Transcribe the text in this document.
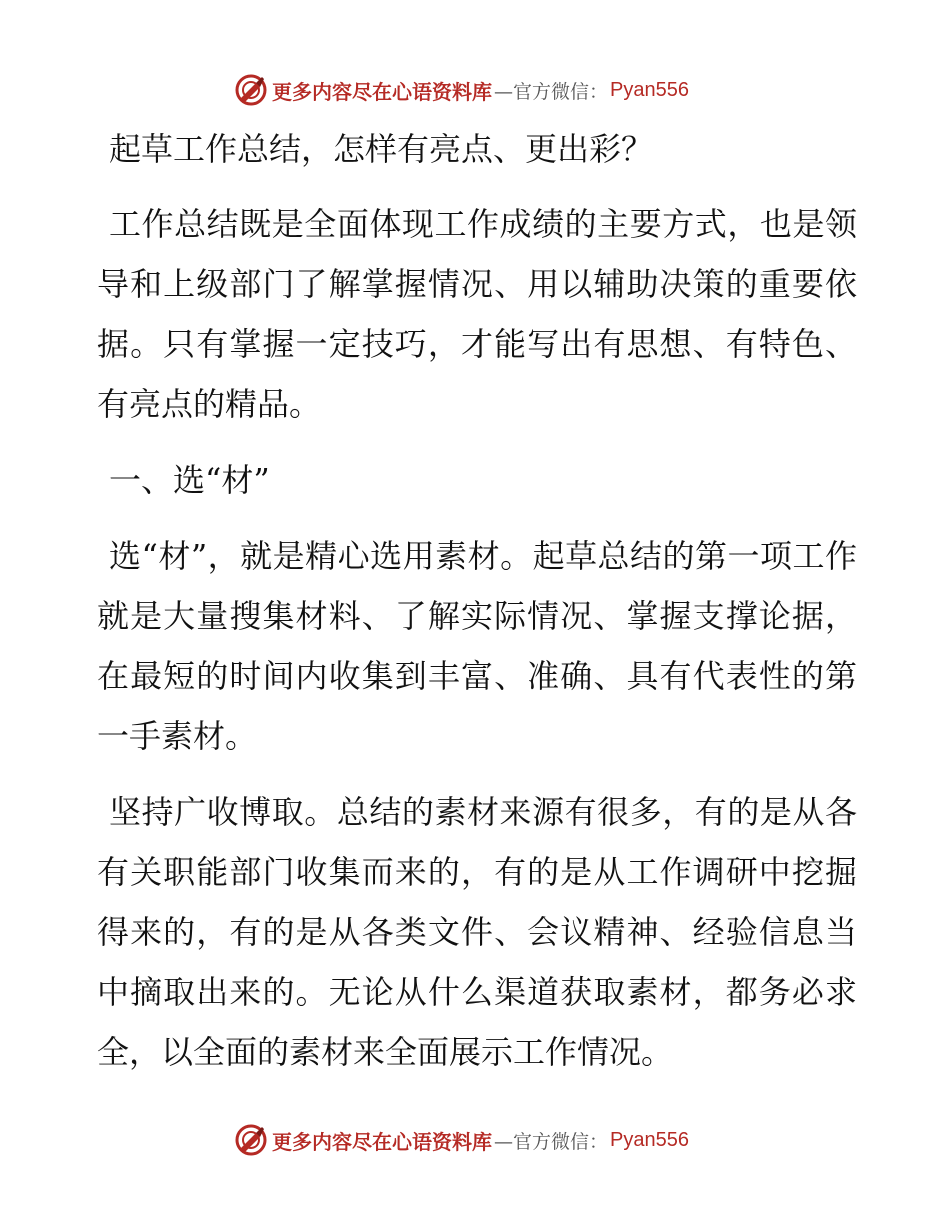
更多内容尽在心语资料库 —官方微信： Pyan556

起草工作总结，怎样有亮点、更出彩？

工作总结既是全面体现工作成绩的主要方式，也是领导和上级部门了解掌握情况、用以辅助决策的重要依据。只有掌握一定技巧，才能写出有思想、有特色、有亮点的精品。

一、选“材”

选“材”，就是精心选用素材。起草总结的第一项工作就是大量搜集材料、了解实际情况、掌握支撑论据，在最短的时间内收集到丰富、准确、具有代表性的第一手素材。

坚持广收博取。总结的素材来源有很多，有的是从各有关职能部门收集而来的，有的是从工作调研中挖掘得来的，有的是从各类文件、会议精神、经验信息当中摘取出来的。无论从什么渠道获取素材，都务必求全，以全面的素材来全面展示工作情况。

更多内容尽在心语资料库 —官方微信： Pyan556
